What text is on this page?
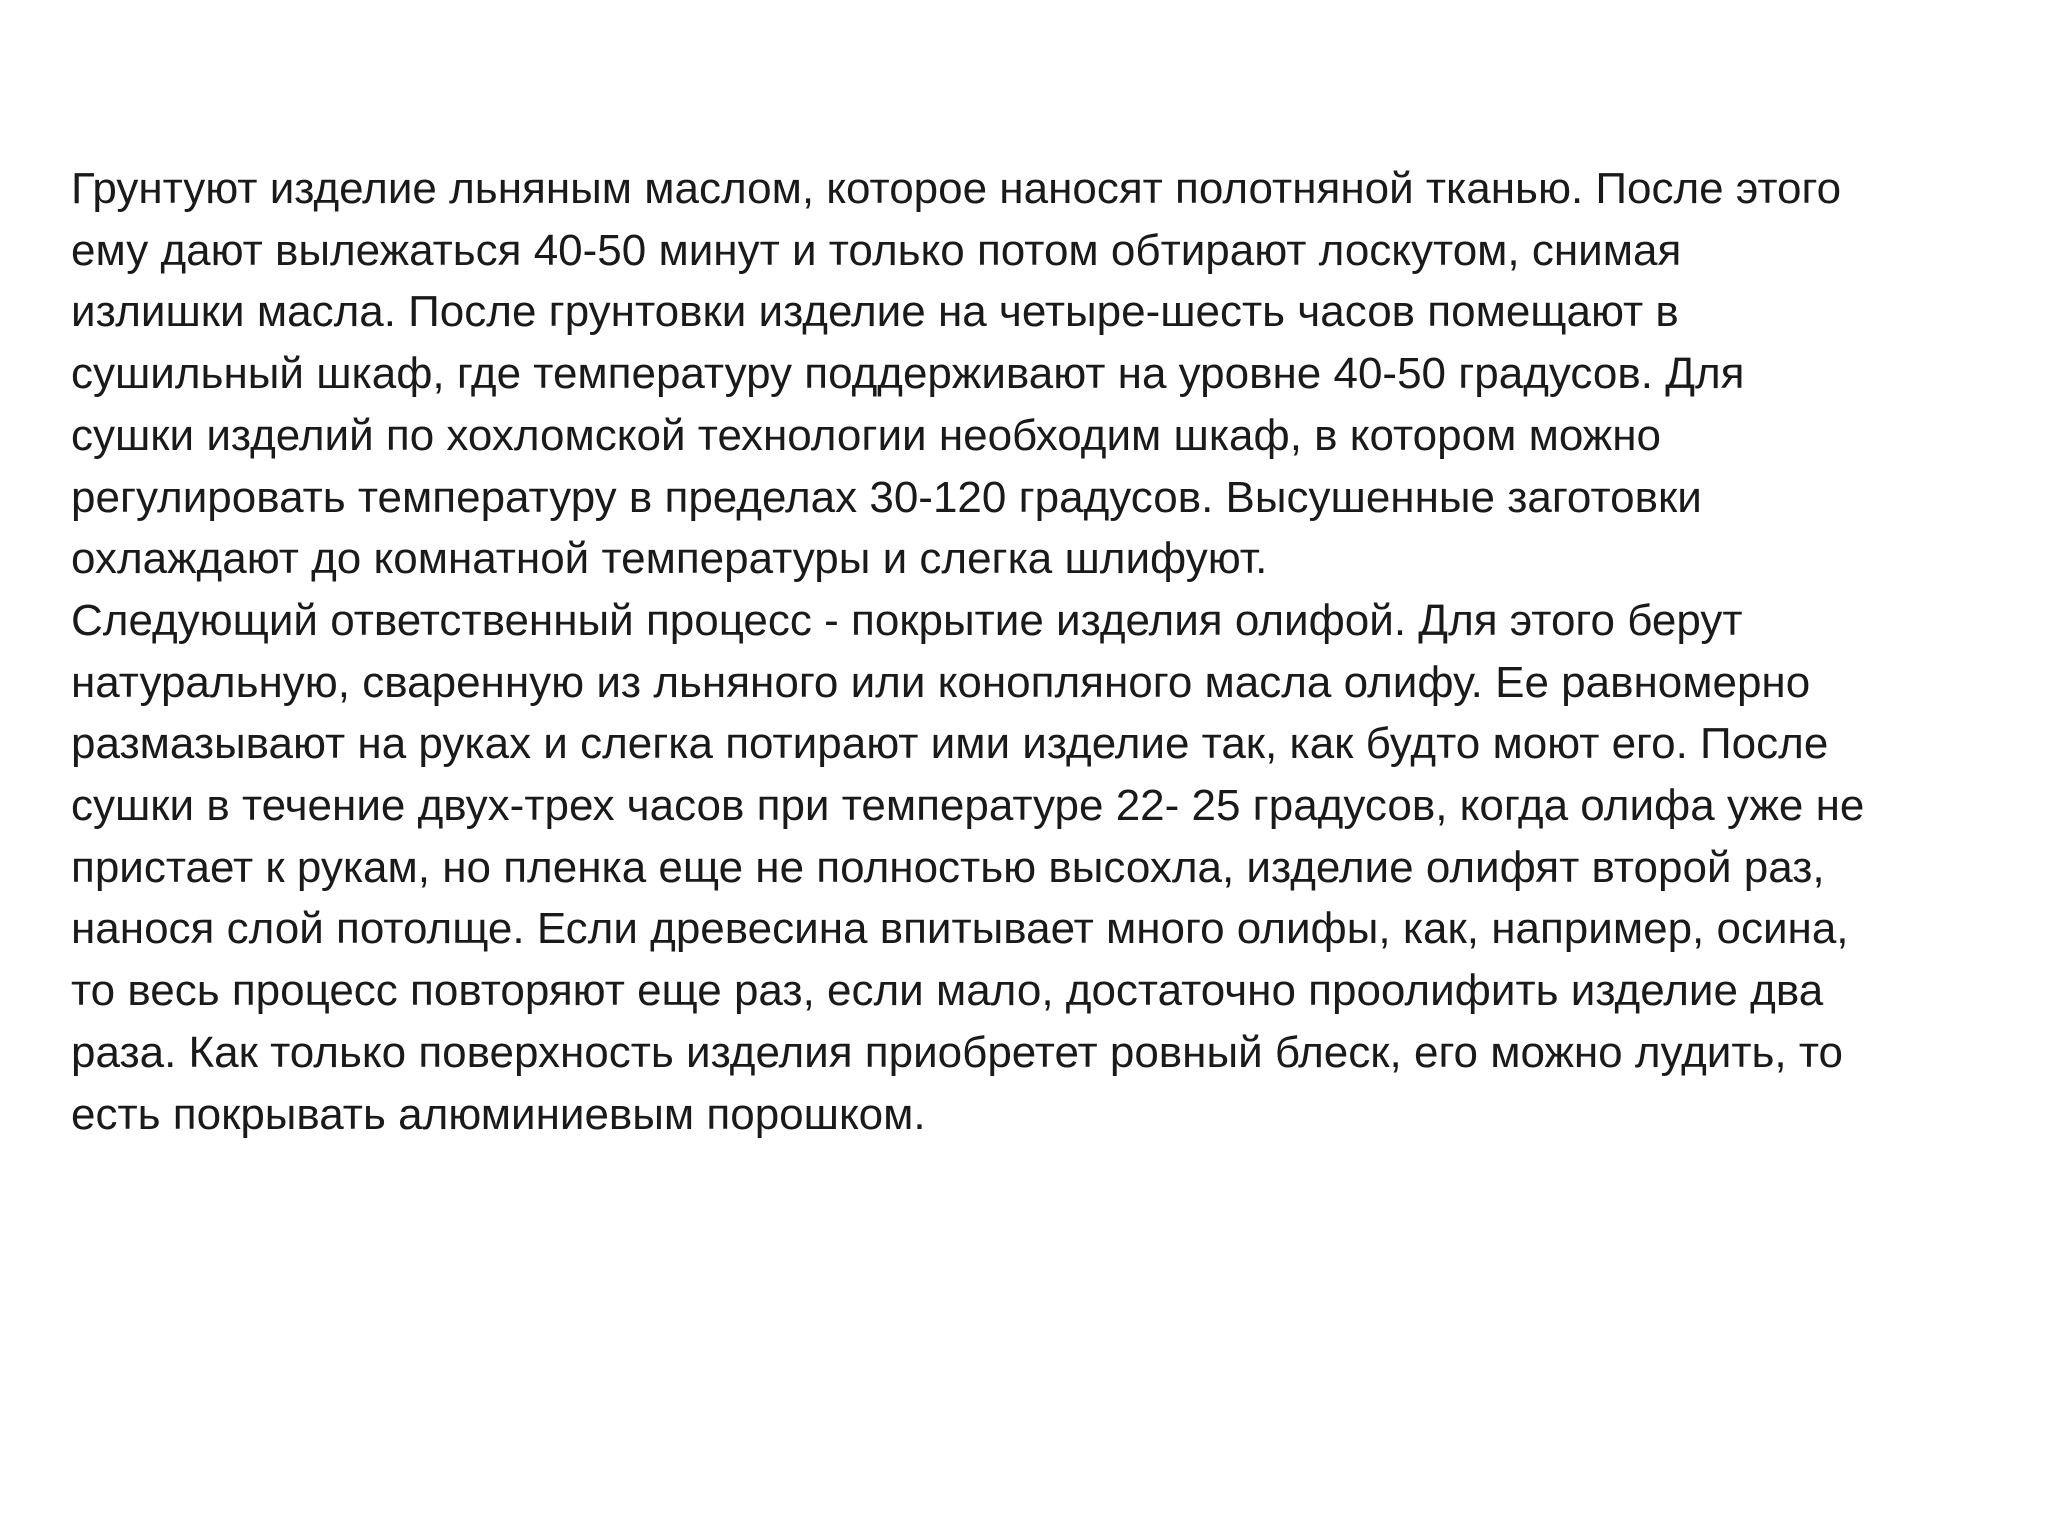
Грунтуют изделие льняным маслом, которое наносят полотняной тканью. После этого
ему дают вылежаться 40-50 минут и только потом обтирают лоскутом, снимая
излишки масла. После грунтовки изделие на четыре-шесть часов помещают в
сушильный шкаф, где температуру поддерживают на уровне 40-50 градусов. Для
сушки изделий по хохломской технологии необходим шкаф, в котором можно
регулировать температуру в пределах 30-120 градусов. Высушенные заготовки
охлаждают до комнатной температуры и слегка шлифуют.
Следующий ответственный процесс - покрытие изделия олифой. Для этого берут
натуральную, сваренную из льняного или конопляного масла олифу. Ее равномерно
размазывают на руках и слегка потирают ими изделие так, как будто моют его. После
сушки в течение двух-трех часов при температуре 22- 25 градусов, когда олифа уже не
пристает к рукам, но пленка еще не полностью высохла, изделие олифят второй раз,
нанося слой потолще. Если древесина впитывает много олифы, как, например, осина,
то весь процесс повторяют еще раз, если мало, достаточно проолифить изделие два
раза. Как только поверхность изделия приобретет ровный блеск, его можно лудить, то
есть покрывать алюминиевым порошком.
